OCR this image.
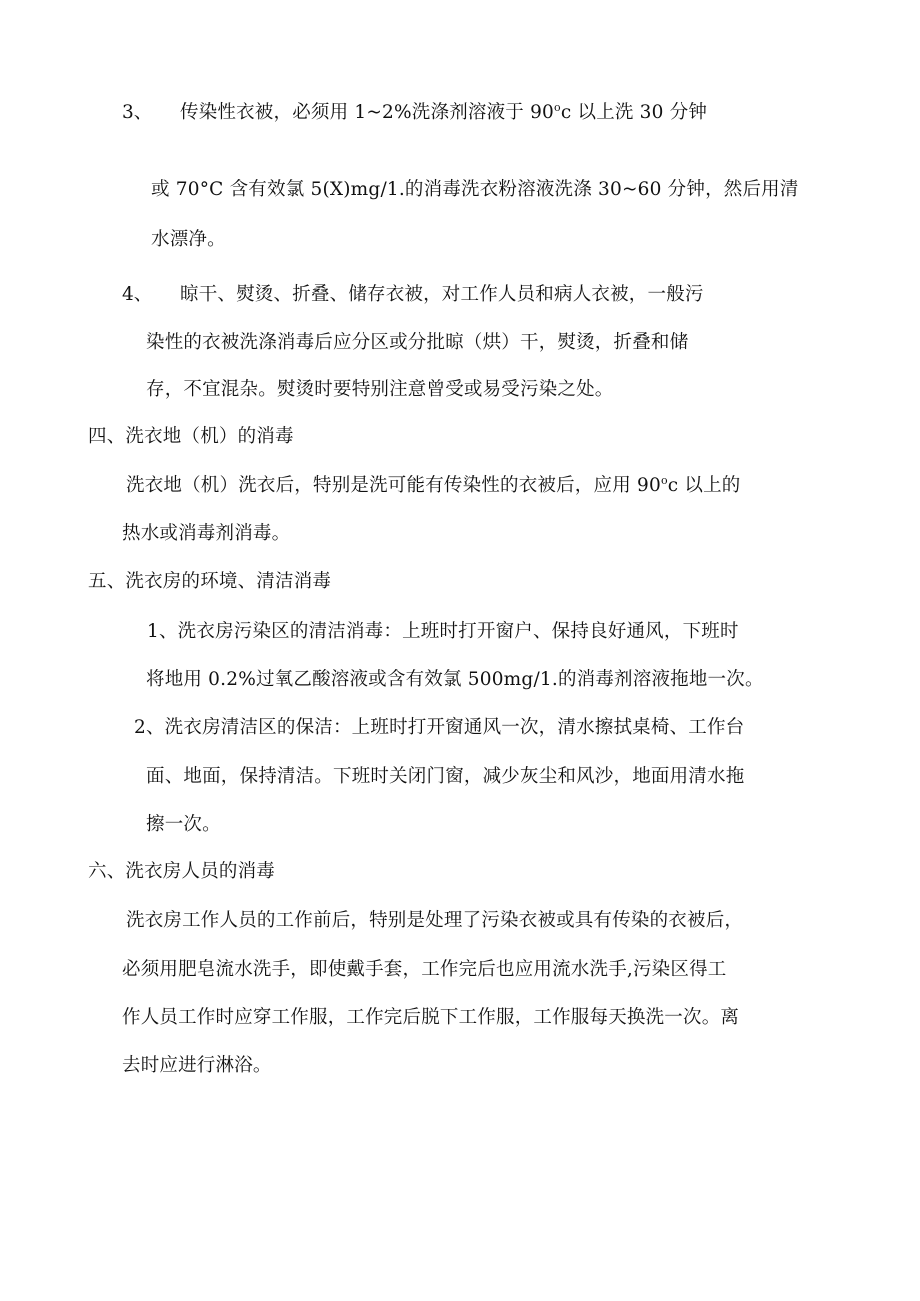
3、 传染性衣被，必须用 1~2%洗涤剂溶液于 90$^o$c 以上洗 30 分钟
或 70°C 含有效氯 5(X)mg/1.的消毒洗衣粉溶液洗涤 30~60 分钟，然后用清
水漂净。
4、 晾干、熨烫、折叠、储存衣被，对工作人员和病人衣被，一般污
染性的衣被洗涤消毒后应分区或分批晾（烘）干，熨烫，折叠和储
存，不宜混杂。熨烫时要特别注意曾受或易受污染之处。
四、洗衣地（机）的消毒
洗衣地（机）洗衣后，特别是洗可能有传染性的衣被后，应用 90$^o$c 以上的
热水或消毒剂消毒。
五、洗衣房的环境、清洁消毒
1、洗衣房污染区的清洁消毒：上班时打开窗户、保持良好通风，下班时
将地用 0.2%过氧乙酸溶液或含有效氯 500mg/1.的消毒剂溶液拖地一次。
2、洗衣房清洁区的保洁：上班时打开窗通风一次，清水擦拭桌椅、工作台
面、地面，保持清洁。下班时关闭门窗，减少灰尘和风沙，地面用清水拖
擦一次。
六、洗衣房人员的消毒
洗衣房工作人员的工作前后，特别是处理了污染衣被或具有传染的衣被后，
必须用肥皂流水洗手，即使戴手套，工作完后也应用流水洗手,污染区得工
作人员工作时应穿工作服，工作完后脱下工作服，工作服每天换洗一次。离
去时应进行淋浴。
